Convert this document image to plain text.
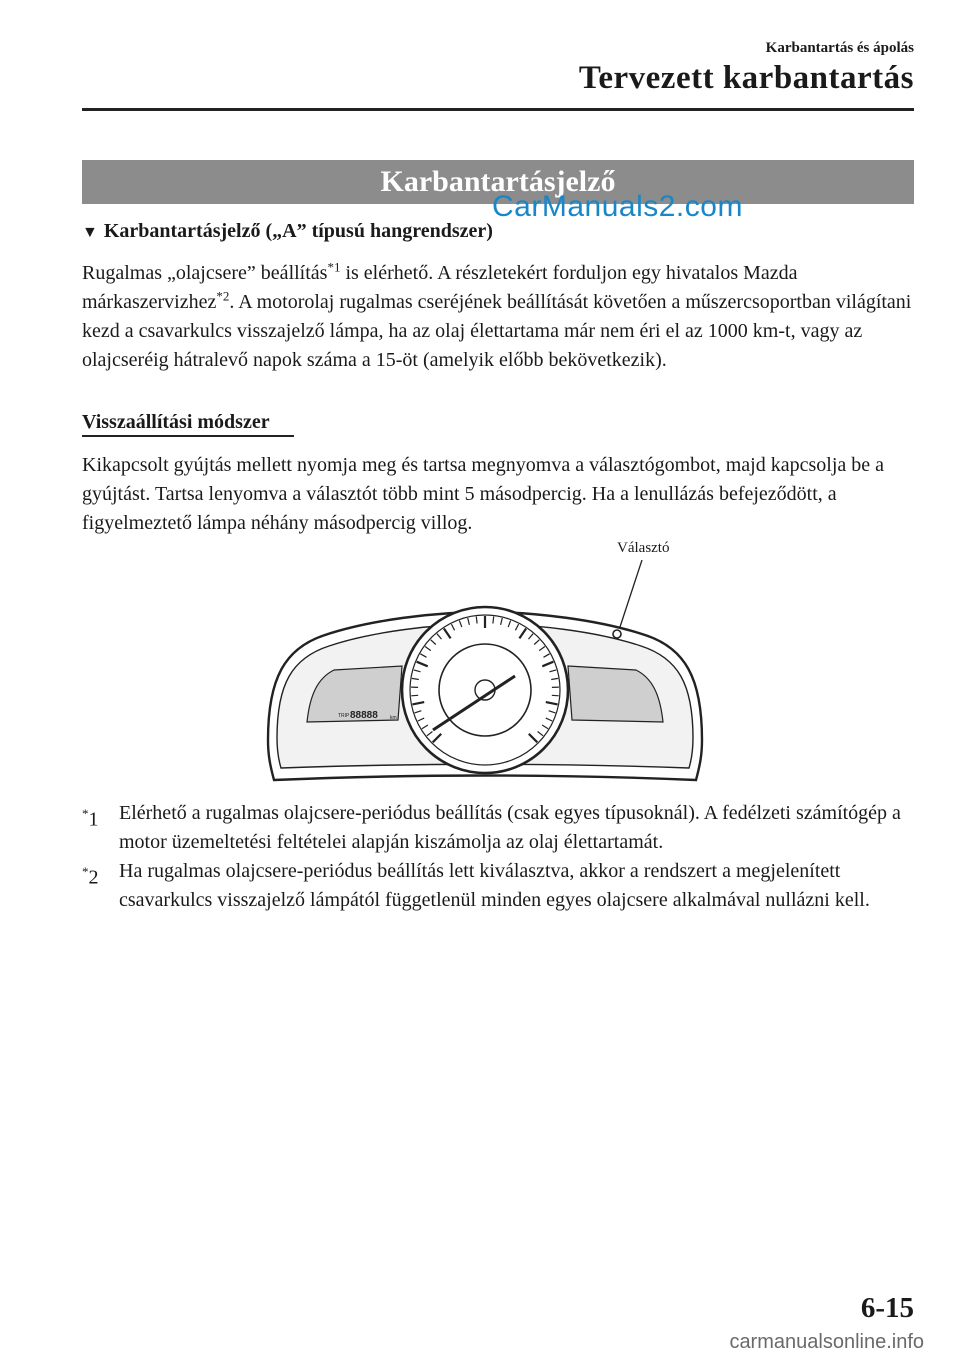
Karbantartás és ápolás
Tervezett karbantartás
Karbantartásjelző
CarManuals2.com
▼ Karbantartásjelző („A” típusú hangrendszer)
Rugalmas „olajcsere” beállítás$^{*1}$ is elérhető. A részletekért forduljon egy hivatalos Mazda márkaszervizhez$^{*2}$. A motorolaj rugalmas cseréjének beállítását követően a műszercsoportban világítani kezd a csavarkulcs visszajelző lámpa, ha az olaj élettartama már nem éri el az 1000 km-t, vagy az olajcseréig hátralevő napok száma a 15-öt (amelyik előbb bekövetkezik).
Visszaállítási módszer
Kikapcsolt gyújtás mellett nyomja meg és tartsa megnyomva a választógombot, majd kapcsolja be a gyújtást. Tartsa lenyomva a választót több mint 5 másodpercig. Ha a lenullázás befejeződött, a figyelmeztető lámpa néhány másodpercig villog.
Választó
TRIP 88888 km
*1 Elérhető a rugalmas olajcsere-periódus beállítás (csak egyes típusoknál). A fedélzeti számítógép a motor üzemeltetési feltételei alapján kiszámolja az olaj élettartamát.
*2 Ha rugalmas olajcsere-periódus beállítás lett kiválasztva, akkor a rendszert a megjelenített csavarkulcs visszajelző lámpától függetlenül minden egyes olajcsere alkalmával nullázni kell.
6-15
carmanualsonline.info
